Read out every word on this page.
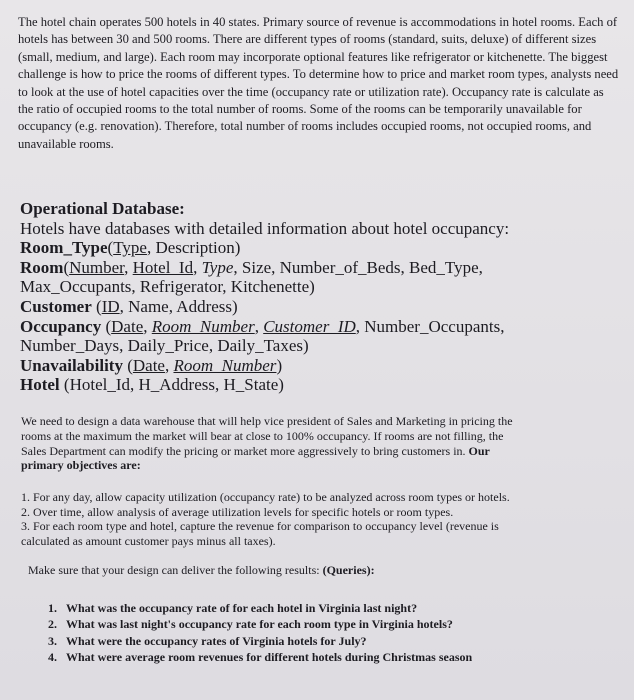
The hotel chain operates 500 hotels in 40 states. Primary source of revenue is accommodations in hotel rooms. Each of hotels has between 30 and 500 rooms. There are different types of rooms (standard, suits, deluxe) of different sizes (small, medium, and large). Each room may incorporate optional features like refrigerator or kitchenette. The biggest challenge is how to price the rooms of different types. To determine how to price and market room types, analysts need to look at the use of hotel capacities over the time (occupancy rate or utilization rate). Occupancy rate is calculate as the ratio of occupied rooms to the total number of rooms. Some of the rooms can be temporarily unavailable for occupancy (e.g. renovation). Therefore, total number of rooms includes occupied rooms, not occupied rooms, and unavailable rooms.

Operational Database:
Hotels have databases with detailed information about hotel occupancy:
Room_Type(Type, Description)
Room(Number, Hotel_Id, Type, Size, Number_of_Beds, Bed_Type,
Max_Occupants, Refrigerator, Kitchenette)
Customer (ID, Name, Address)
Occupancy (Date, Room_Number, Customer_ID, Number_Occupants,
Number_Days, Daily_Price, Daily_Taxes)
Unavailability (Date, Room_Number)
Hotel (Hotel_Id, H_Address, H_State)
We need to design a data warehouse that will help vice president of Sales and Marketing in pricing the
rooms at the maximum the market will bear at close to 100% occupancy. If rooms are not filling, the
Sales Department can modify the pricing or market more aggressively to bring customers in. Our
primary objectives are:
1. For any day, allow capacity utilization (occupancy rate) to be analyzed across room types or hotels.
2. Over time, allow analysis of average utilization levels for specific hotels or room types.
3. For each room type and hotel, capture the revenue for comparison to occupancy level (revenue is
calculated as amount customer pays minus all taxes).
Make sure that your design can deliver the following results: (Queries):
1. What was the occupancy rate of for each hotel in Virginia last night?
2. What was last night's occupancy rate for each room type in Virginia hotels?
3. What were the occupancy rates of Virginia hotels for July?
4. What were average room revenues for different hotels during Christmas season
